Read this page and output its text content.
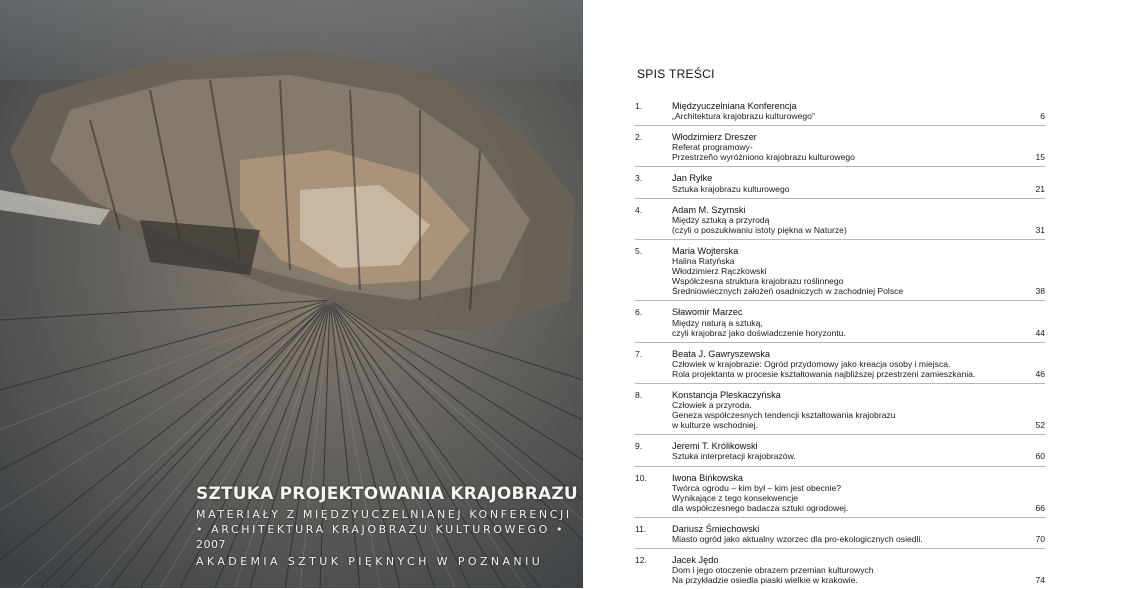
SZTUKA PROJEKTOWANIA KRAJOBRAZU
MATERIAŁY Z MIĘDZYUCZELNIANEJ KONFERENCJI
• ARCHITEKTURA KRAJOBRAZU KULTUROWEGO •
2007
AKADEMIA SZTUK PIĘKNYCH W POZNANIU
SPIS TREŚCI
1.	Międzyuczelniana Konferencja
„Architektura krajobrazu kulturowego”	6
2.	Włodzimierz Dreszer
Referat programowy-
Przestrzeño wyróżniono krajobrazu kulturowego	15
3.	Jan Rylke
Sztuka krajobrazu kulturowego	21
4.	Adam M. Szymski
Między sztuką a przyrodą
(czyli o poszukiwaniu istoty piękna w Naturze)	31
5.	Maria Wojterska
Halina Ratyńska
Włodzimierz Rączkowski
Współczesna struktura krajobrazu roślinnego
Średniowiecznych założeń osadniczych w zachodniej Polsce	38
6.	Sławomir Marzec
Między naturą a sztuką,
czyli krajobraz jako doświadczenie horyzontu.	44
7.	Beata J. Gawryszewska
Człowiek w krajobrazie: Ogród przydomowy jako kreacja osoby i miejsca.
Rola projektanta w procesie kształtowania najbliższej przestrzeni zamieszkania.	46
8.	Konstancja Pleskaczyńska
Człowiek a przyroda.
Geneza współczesnych tendencji kształtowania krajobrazu
w kulturze wschodniej.	52
9.	Jeremi T. Królikowski
Sztuka interpretacji krajobrazów.	60
10.	Iwona Bińkowska
Twórca ogrodu – kim był – kim jest obecnie?
Wynikające z tego konsekwencje
dla współczesnego badacza sztuki ogrodowej.	66
11.	Dariusz Śmiechowski
Miasto ogród jako aktualny wzorzec dla pro-ekologicznych osiedli.	70
12.	Jacek Jędo
Dom i jego otoczenie obrazem przemian kulturowych
Na przykładzie osiedla piaski wielkie w krakowie.	74
